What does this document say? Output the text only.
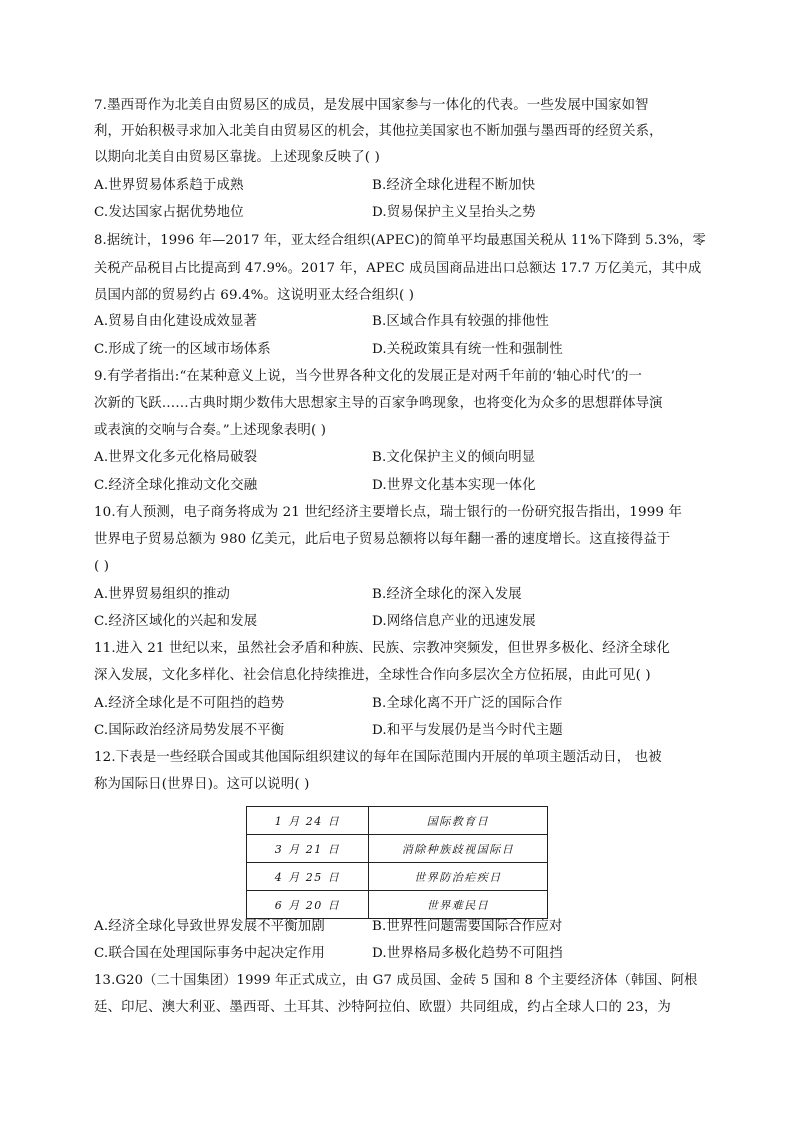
7.墨西哥作为北美自由贸易区的成员，是发展中国家参与一体化的代表。一些发展中国家如智
利，开始积极寻求加入北美自由贸易区的机会，其他拉美国家也不断加强与墨西哥的经贸关系，
以期向北美自由贸易区靠拢。上述现象反映了( )
A.世界贸易体系趋于成熟	B.经济全球化进程不断加快
C.发达国家占据优势地位	D.贸易保护主义呈抬头之势
8.据统计，1996 年—2017 年，亚太经合组织(APEC)的简单平均最惠国关税从 11%下降到 5.3%，零
关税产品税目占比提高到 47.9%。2017 年，APEC 成员国商品进出口总额达 17.7 万亿美元，其中成
员国内部的贸易约占 69.4%。这说明亚太经合组织( )
A.贸易自由化建设成效显著	B.区域合作具有较强的排他性
C.形成了统一的区域市场体系	D.关税政策具有统一性和强制性
9.有学者指出:“在某种意义上说，当今世界各种文化的发展正是对两千年前的‘轴心时代’的一
次新的飞跃……古典时期少数伟大思想家主导的百家争鸣现象，也将变化为众多的思想群体导演
或表演的交响与合奏。”上述现象表明( )
A.世界文化多元化格局破裂	B.文化保护主义的倾向明显
C.经济全球化推动文化交融	D.世界文化基本实现一体化
10.有人预测，电子商务将成为 21 世纪经济主要增长点，瑞士银行的一份研究报告指出，1999 年
世界电子贸易总额为 980 亿美元，此后电子贸易总额将以每年翻一番的速度增长。这直接得益于
( )
A.世界贸易组织的推动	B.经济全球化的深入发展
C.经济区域化的兴起和发展	D.网络信息产业的迅速发展
11.进入 21 世纪以来，虽然社会矛盾和种族、民族、宗教冲突频发，但世界多极化、经济全球化
深入发展，文化多样化、社会信息化持续推进，全球性合作向多层次全方位拓展，由此可见( )
A.经济全球化是不可阻挡的趋势	B.全球化离不开广泛的国际合作
C.国际政治经济局势发展不平衡	D.和平与发展仍是当今时代主题
12.下表是一些经联合国或其他国际组织建议的每年在国际范围内开展的单项主题活动日， 也被
称为国际日(世界日)。这可以说明( )
1 月 24 日	国际教育日
3 月 21 日	消除种族歧视国际日
4 月 25 日	世界防治疟疾日
6 月 20 日	世界难民日
A.经济全球化导致世界发展不平衡加剧	B.世界性问题需要国际合作应对
C.联合国在处理国际事务中起决定作用	D.世界格局多极化趋势不可阻挡
13.G20（二十国集团）1999 年正式成立，由 G7 成员国、金砖 5 国和 8 个主要经济体（韩国、阿根
廷、印尼、澳大利亚、墨西哥、土耳其、沙特阿拉伯、欧盟）共同组成，约占全球人口的 23，为
